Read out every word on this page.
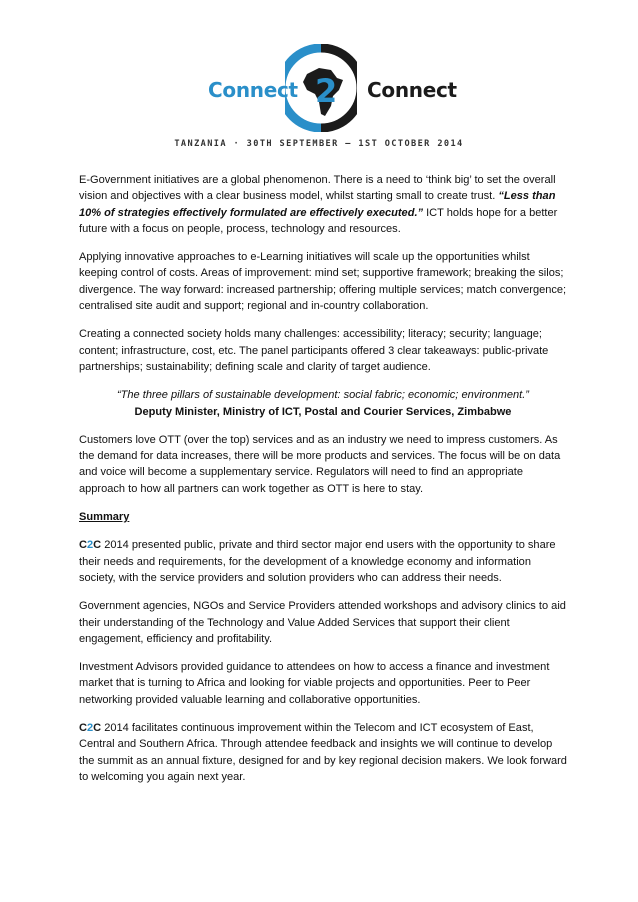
Connect 2 Connect
TANZANIA · 30TH SEPTEMBER – 1ST OCTOBER 2014

E-Government initiatives are a global phenomenon. There is a need to ‘think big’ to set the overall vision and objectives with a clear business model, whilst starting small to create trust. “Less than 10% of strategies effectively formulated are effectively executed.” ICT holds hope for a better future with a focus on people, process, technology and resources.

Applying innovative approaches to e-Learning initiatives will scale up the opportunities whilst keeping control of costs. Areas of improvement: mind set; supportive framework; breaking the silos; divergence. The way forward: increased partnership; offering multiple services; match convergence; centralised site audit and support; regional and in-country collaboration.

Creating a connected society holds many challenges: accessibility; literacy; security; language; content; infrastructure, cost, etc. The panel participants offered 3 clear takeaways: public-private partnerships; sustainability; defining scale and clarity of target audience.

“The three pillars of sustainable development: social fabric; economic; environment.”
Deputy Minister, Ministry of ICT, Postal and Courier Services, Zimbabwe

Customers love OTT (over the top) services and as an industry we need to impress customers. As the demand for data increases, there will be more products and services. The focus will be on data and voice will become a supplementary service. Regulators will need to find an appropriate approach to how all partners can work together as OTT is here to stay.

Summary

C2C 2014 presented public, private and third sector major end users with the opportunity to share their needs and requirements, for the development of a knowledge economy and information society, with the service providers and solution providers who can address their needs.

Government agencies, NGOs and Service Providers attended workshops and advisory clinics to aid their understanding of the Technology and Value Added Services that support their client engagement, efficiency and profitability.

Investment Advisors provided guidance to attendees on how to access a finance and investment market that is turning to Africa and looking for viable projects and opportunities. Peer to Peer networking provided valuable learning and collaborative opportunities.

C2C 2014 facilitates continuous improvement within the Telecom and ICT ecosystem of East, Central and Southern Africa. Through attendee feedback and insights we will continue to develop the summit as an annual fixture, designed for and by key regional decision makers. We look forward to welcoming you again next year.
